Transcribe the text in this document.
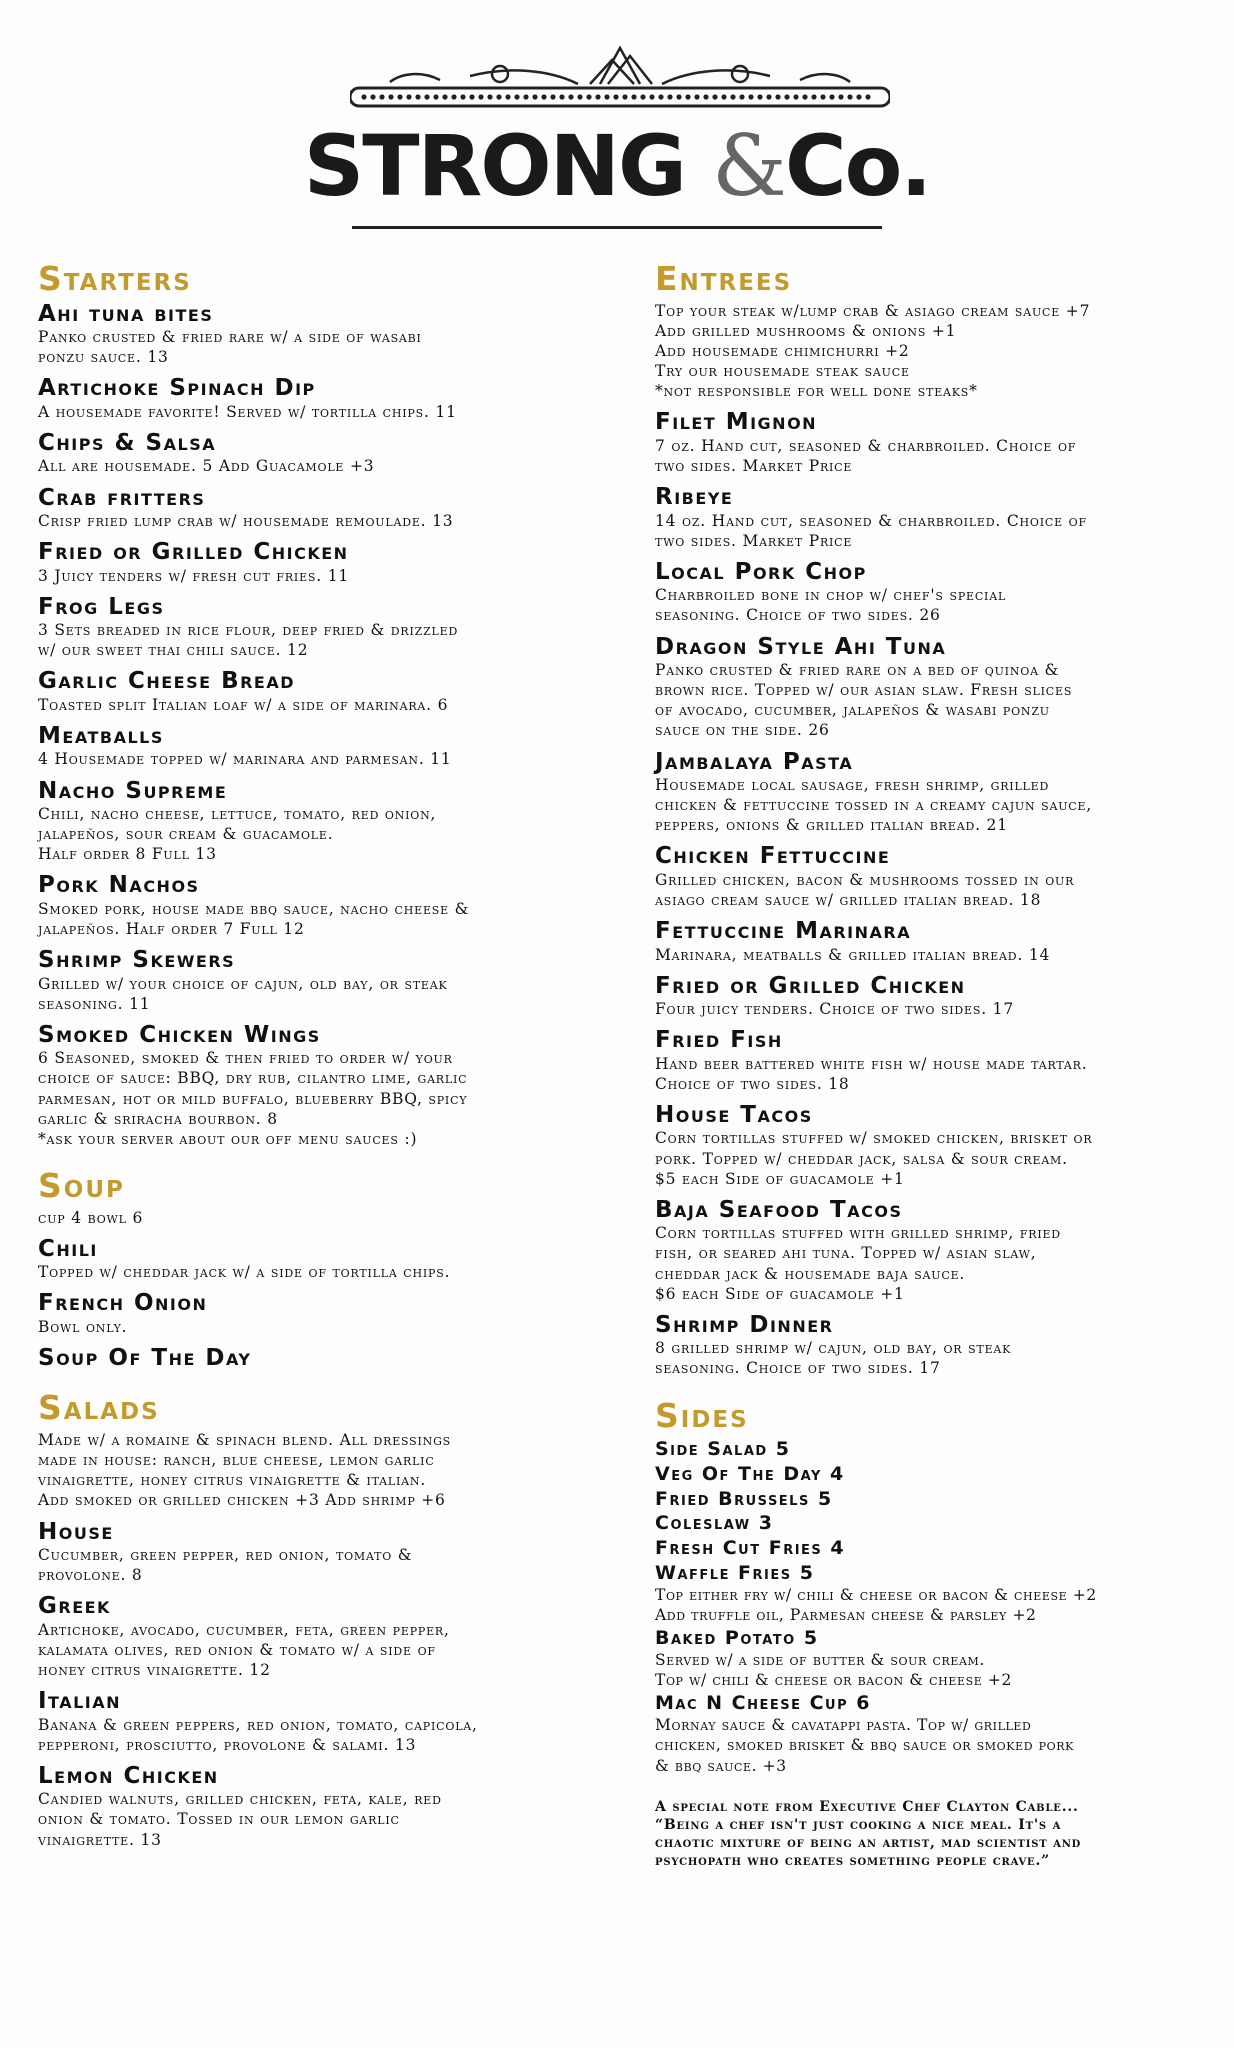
STRONG &Co.
Starters
Ahi tuna bites
Panko crusted & fried rare w/ a side of wasabi
ponzu sauce. 13
Artichoke Spinach Dip
A housemade favorite! Served w/ tortilla chips. 11
Chips & Salsa
All are housemade. 5 Add Guacamole +3
Crab fritters
Crisp fried lump crab w/ housemade remoulade. 13
Fried or Grilled Chicken
3 Juicy tenders w/ fresh cut fries. 11
Frog Legs
3 Sets breaded in rice flour, deep fried & drizzled
w/ our sweet thai chili sauce. 12
Garlic Cheese Bread
Toasted split Italian loaf w/ a side of marinara. 6
Meatballs
4 Housemade topped w/ marinara and parmesan. 11
Nacho Supreme
Chili, nacho cheese, lettuce, tomato, red onion,
jalapeños, sour cream & guacamole.
Half order 8 Full 13
Pork Nachos
Smoked pork, house made bbq sauce, nacho cheese &
jalapeños. Half order 7 Full 12
Shrimp Skewers
Grilled w/ your choice of cajun, old bay, or steak
seasoning. 11
Smoked Chicken Wings
6 Seasoned, smoked & then fried to order w/ your
choice of sauce: BBQ, dry rub, cilantro lime, garlic
parmesan, hot or mild buffalo, blueberry BBQ, spicy
garlic & sriracha bourbon. 8
*ask your server about our off menu sauces :)
Soup
cup 4 bowl 6
Chili
Topped w/ cheddar jack w/ a side of tortilla chips.
French Onion
Bowl only.
Soup Of The Day
Salads
Made w/ a romaine & spinach blend. All dressings
made in house: ranch, blue cheese, lemon garlic
vinaigrette, honey citrus vinaigrette & italian.
Add smoked or grilled chicken +3 Add shrimp +6
House
Cucumber, green pepper, red onion, tomato &
provolone. 8
Greek
Artichoke, avocado, cucumber, feta, green pepper,
kalamata olives, red onion & tomato w/ a side of
honey citrus vinaigrette. 12
Italian
Banana & green peppers, red onion, tomato, capicola,
pepperoni, prosciutto, provolone & salami. 13
Lemon Chicken
Candied walnuts, grilled chicken, feta, kale, red
onion & tomato. Tossed in our lemon garlic
vinaigrette. 13
Entrees
Top your steak w/lump crab & asiago cream sauce +7
Add grilled mushrooms & onions +1
Add housemade chimichurri +2
Try our housemade steak sauce
*not responsible for well done steaks*
Filet Mignon
7 oz. Hand cut, seasoned & charbroiled. Choice of
two sides. Market Price
Ribeye
14 oz. Hand cut, seasoned & charbroiled. Choice of
two sides. Market Price
Local Pork Chop
Charbroiled bone in chop w/ chef's special
seasoning. Choice of two sides. 26
Dragon Style Ahi Tuna
Panko crusted & fried rare on a bed of quinoa &
brown rice. Topped w/ our asian slaw. Fresh slices
of avocado, cucumber, jalapeños & wasabi ponzu
sauce on the side. 26
Jambalaya Pasta
Housemade local sausage, fresh shrimp, grilled
chicken & fettuccine tossed in a creamy cajun sauce,
peppers, onions & grilled italian bread. 21
Chicken Fettuccine
Grilled chicken, bacon & mushrooms tossed in our
asiago cream sauce w/ grilled italian bread. 18
Fettuccine Marinara
Marinara, meatballs & grilled italian bread. 14
Fried or Grilled Chicken
Four juicy tenders. Choice of two sides. 17
Fried Fish
Hand beer battered white fish w/ house made tartar.
Choice of two sides. 18
House Tacos
Corn tortillas stuffed w/ smoked chicken, brisket or
pork. Topped w/ cheddar jack, salsa & sour cream.
$5 each Side of guacamole +1
Baja Seafood Tacos
Corn tortillas stuffed with grilled shrimp, fried
fish, or seared ahi tuna. Topped w/ asian slaw,
cheddar jack & housemade baja sauce.
$6 each Side of guacamole +1
Shrimp Dinner
8 grilled shrimp w/ cajun, old bay, or steak
seasoning. Choice of two sides. 17
Sides
Side Salad 5
Veg Of The Day 4
Fried Brussels 5
Coleslaw 3
Fresh Cut Fries 4
Waffle Fries 5
Top either fry w/ chili & cheese or bacon & cheese +2
Add truffle oil, Parmesan cheese & parsley +2
Baked Potato 5
Served w/ a side of butter & sour cream.
Top w/ chili & cheese or bacon & cheese +2
Mac N Cheese Cup 6
Mornay sauce & cavatappi pasta. Top w/ grilled
chicken, smoked brisket & bbq sauce or smoked pork
& bbq sauce. +3
A special note from Executive Chef Clayton Cable...
“Being a chef isn't just cooking a nice meal. It's a
chaotic mixture of being an artist, mad scientist and
psychopath who creates something people crave.”
